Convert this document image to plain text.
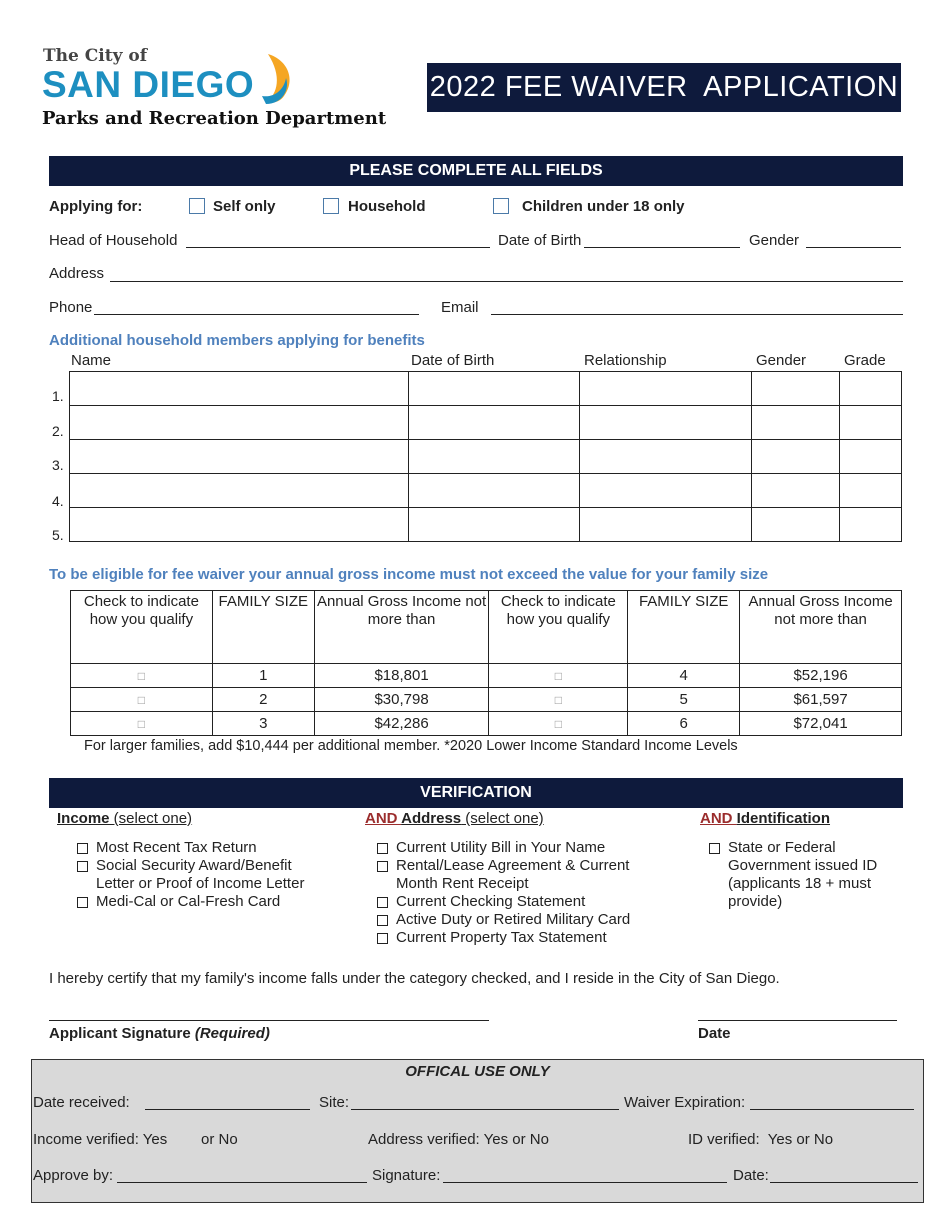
The City of
SAN DIEGO
Parks and Recreation Department
2022 FEE WAIVER  APPLICATION
PLEASE COMPLETE ALL FIELDS
Applying for:	Self only	Household	Children under 18 only
Head of Household	Date of Birth	Gender
Address
Phone	Email
Additional household members applying for benefits
Name	Date of Birth	Relationship	Gender	Grade
1.
2.
3.
4.
5.

To be eligible for fee waiver your annual gross income must not exceed the value for your family size
Check to indicate how you qualify	FAMILY SIZE	Annual Gross Income not more than	Check to indicate how you qualify	FAMILY SIZE	Annual Gross Income not more than
□	1	$18,801	□	4	$52,196
□	2	$30,798	□	5	$61,597
□	3	$42,286	□	6	$72,041
For larger families, add $10,444 per additional member. *2020 Lower Income Standard Income Levels
VERIFICATION
Income (select one)
Most Recent Tax Return
Social Security Award/Benefit Letter or Proof of Income Letter
Medi-Cal or Cal-Fresh Card
AND Address (select one)
Current Utility Bill in Your Name
Rental/Lease Agreement & Current Month Rent Receipt
Current Checking Statement
Active Duty or Retired Military Card
Current Property Tax Statement
AND Identification
State or Federal Government issued ID (applicants 18 + must provide)
I hereby certify that my family's income falls under the category checked, and I reside in the City of San Diego.
Applicant Signature (Required)	Date
OFFICAL USE ONLY
Date received:	Site:	Waiver Expiration:
Income verified: Yes or No	Address verified: Yes or No	ID verified:  Yes or No
Approve by:	Signature:	Date:
